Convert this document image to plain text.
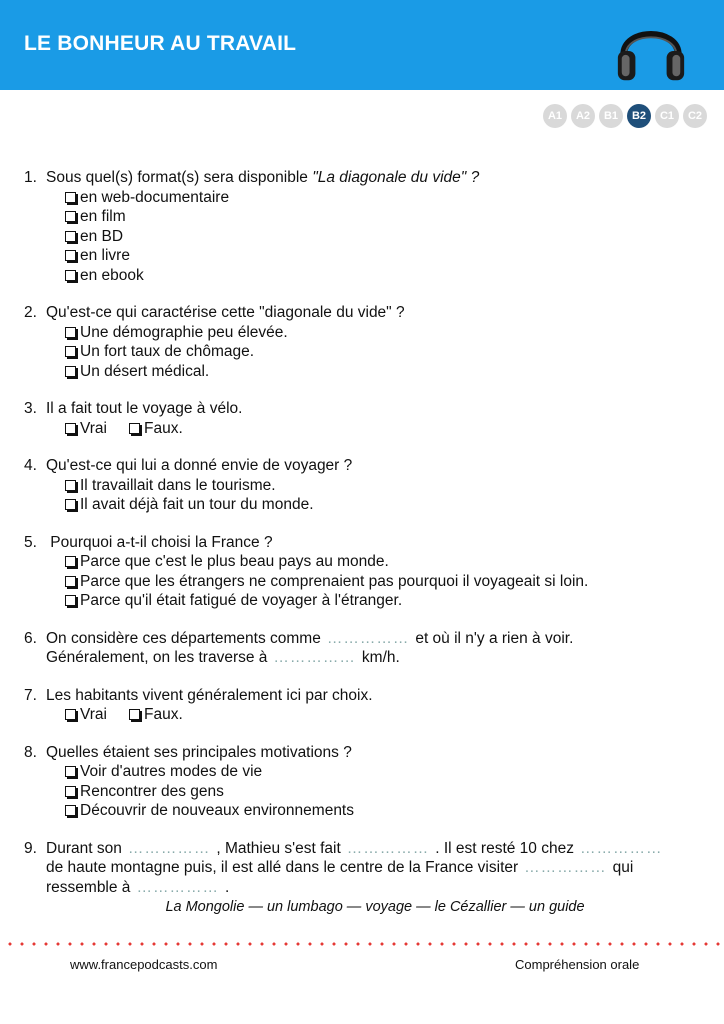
LE BONHEUR AU TRAVAIL
A1	A2	B1	B2	C1	C2
1. Sous quel(s) format(s) sera disponible "La diagonale du vide" ?
en web-documentaire
en film
en BD
en livre
en ebook
2. Qu'est-ce qui caractérise cette "diagonale du vide" ?
Une démographie peu élevée.
Un fort taux de chômage.
Un désert médical.
3. Il a fait tout le voyage à vélo.
Vrai Faux.
4. Qu'est-ce qui lui a donné envie de voyager ?
Il travaillait dans le tourisme.
Il avait déjà fait un tour du monde.
5. Pourquoi a-t-il choisi la France ?
Parce que c'est le plus beau pays au monde.
Parce que les étrangers ne comprenaient pas pourquoi il voyageait si loin.
Parce qu'il était fatigué de voyager à l'étranger.
6. On considère ces départements comme …………… et où il n'y a rien à voir.
Généralement, on les traverse à …………… km/h.
7. Les habitants vivent généralement ici par choix.
Vrai Faux.
8. Quelles étaient ses principales motivations ?
Voir d'autres modes de vie
Rencontrer des gens
Découvrir de nouveaux environnements
9. Durant son …………… , Mathieu s'est fait …………… . Il est resté 10 chez ……………
de haute montagne puis, il est allé dans le centre de la France visiter …………… qui
ressemble à …………… .
La Mongolie — un lumbago — voyage — le Cézallier — un guide
www.francepodcasts.com	Compréhension orale
